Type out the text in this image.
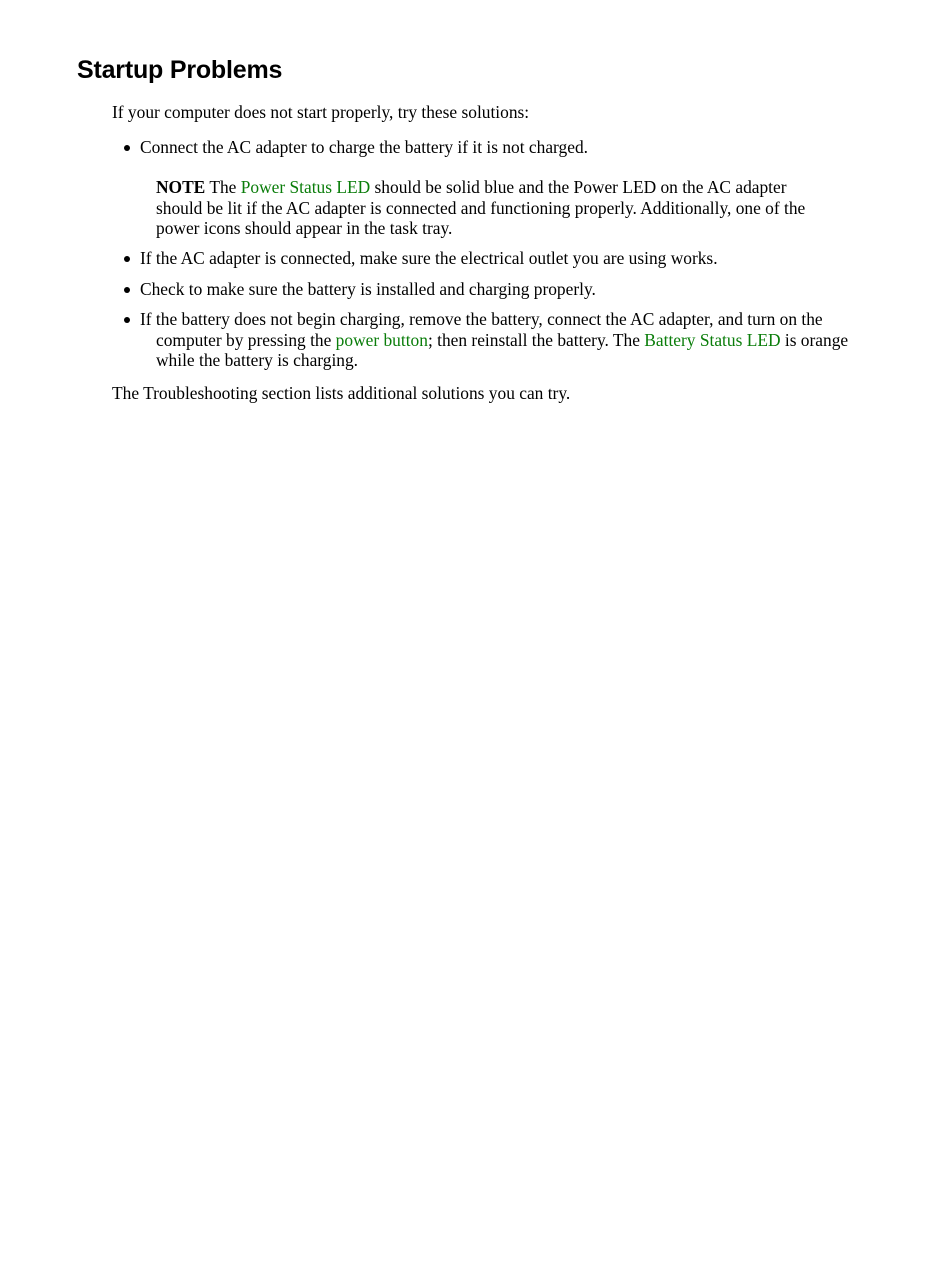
Startup Problems

If your computer does not start properly, try these solutions:

Connect the AC adapter to charge the battery if it is not charged.
If the AC adapter is connected, make sure the electrical outlet you are using works.
Check to make sure the battery is installed and charging properly.
If the battery does not begin charging, remove the battery, connect the AC adapter, and turn on the computer by pressing the power button; then reinstall the battery. The Battery Status LED is orange while the battery is charging.

NOTE The Power Status LED should be solid blue and the Power LED on the AC adapter should be lit if the AC adapter is connected and functioning properly. Additionally, one of the power icons should appear in the task tray.

The Troubleshooting section lists additional solutions you can try.
